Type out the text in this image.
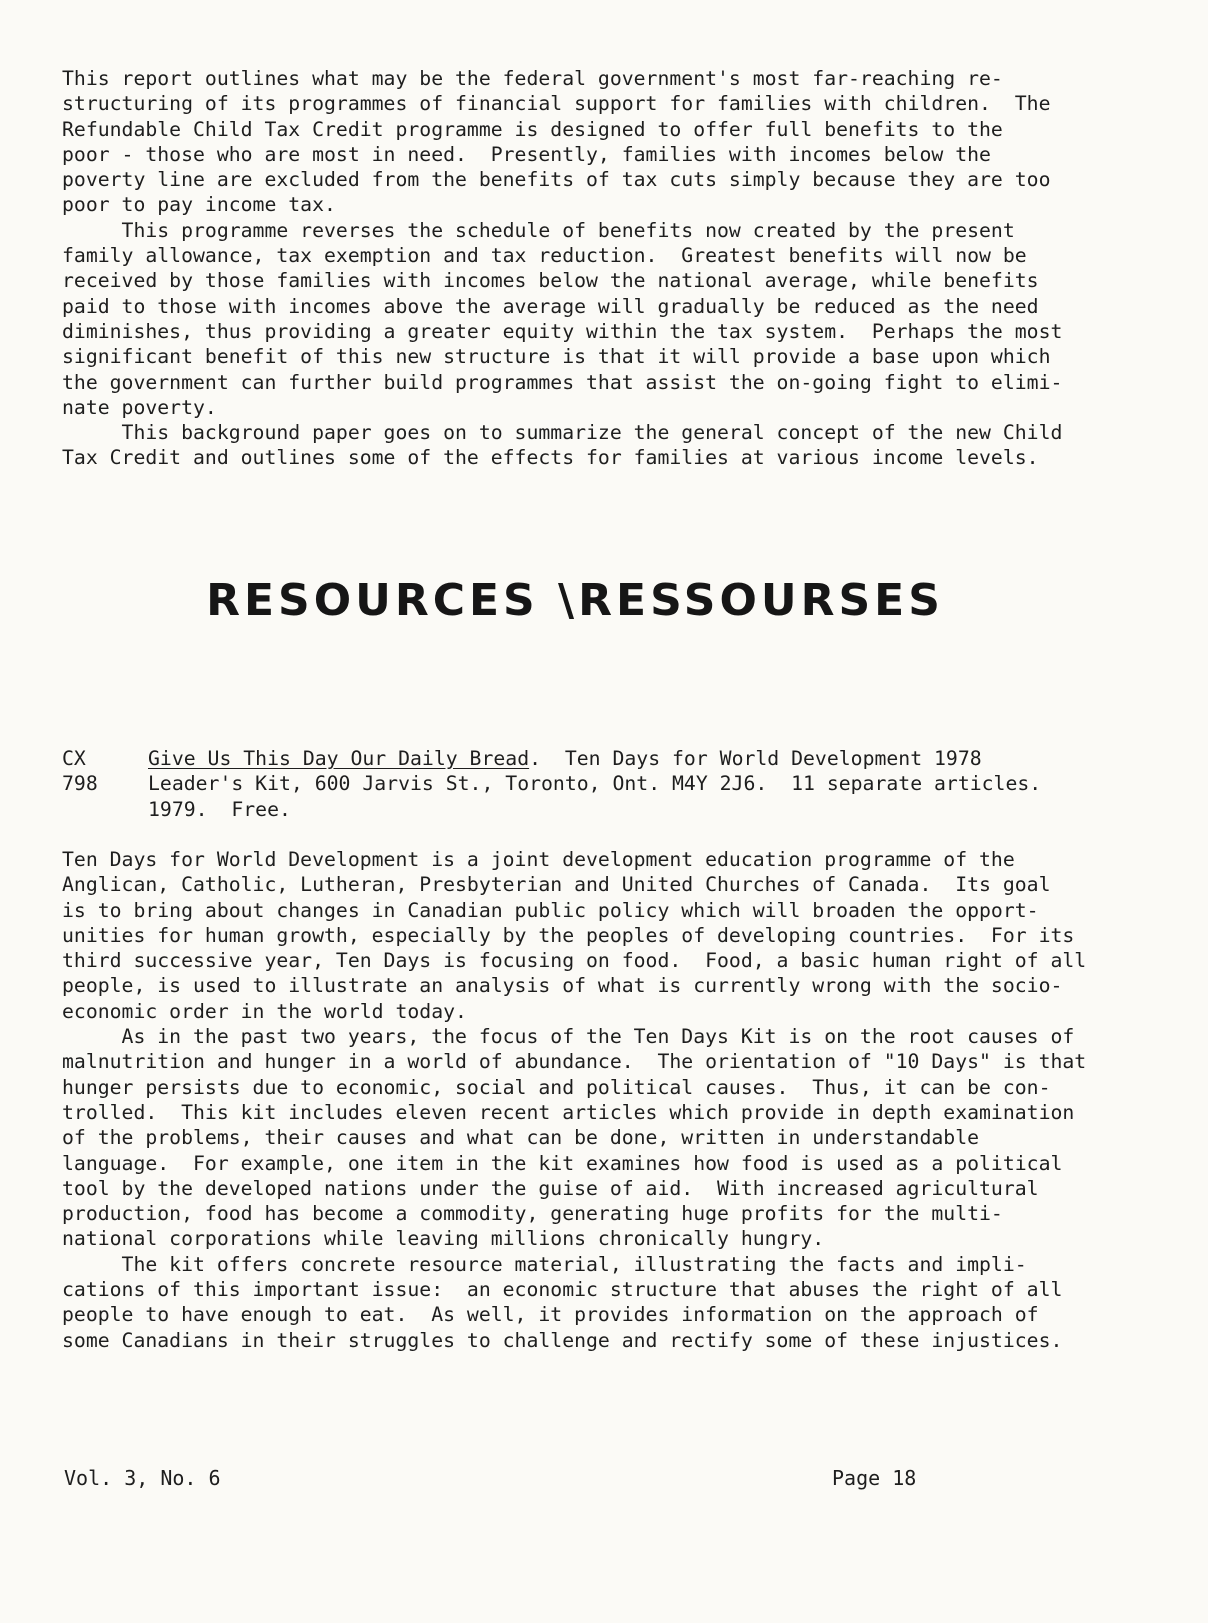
This report outlines what may be the federal government's most far-reaching re-
structuring of its programmes of financial support for families with children.  The
Refundable Child Tax Credit programme is designed to offer full benefits to the
poor - those who are most in need.  Presently, families with incomes below the
poverty line are excluded from the benefits of tax cuts simply because they are too
poor to pay income tax.
This programme reverses the schedule of benefits now created by the present
family allowance, tax exemption and tax reduction.  Greatest benefits will now be
received by those families with incomes below the national average, while benefits
paid to those with incomes above the average will gradually be reduced as the need
diminishes, thus providing a greater equity within the tax system.  Perhaps the most
significant benefit of this new structure is that it will provide a base upon which
the government can further build programmes that assist the on-going fight to elimi-
nate poverty.
This background paper goes on to summarize the general concept of the new Child
Tax Credit and outlines some of the effects for families at various income levels.
RESOURCES \RESSOURSES
CX
798
Give Us This Day Our Daily Bread.  Ten Days for World Development 1978
Leader's Kit, 600 Jarvis St., Toronto, Ont. M4Y 2J6.  11 separate articles.
1979.  Free.
Ten Days for World Development is a joint development education programme of the
Anglican, Catholic, Lutheran, Presbyterian and United Churches of Canada.  Its goal
is to bring about changes in Canadian public policy which will broaden the opport-
unities for human growth, especially by the peoples of developing countries.  For its
third successive year, Ten Days is focusing on food.  Food, a basic human right of all
people, is used to illustrate an analysis of what is currently wrong with the socio-
economic order in the world today.
As in the past two years, the focus of the Ten Days Kit is on the root causes of
malnutrition and hunger in a world of abundance.  The orientation of "10 Days" is that
hunger persists due to economic, social and political causes.  Thus, it can be con-
trolled.  This kit includes eleven recent articles which provide in depth examination
of the problems, their causes and what can be done, written in understandable
language.  For example, one item in the kit examines how food is used as a political
tool by the developed nations under the guise of aid.  With increased agricultural
production, food has become a commodity, generating huge profits for the multi-
national corporations while leaving millions chronically hungry.
The kit offers concrete resource material, illustrating the facts and impli-
cations of this important issue:  an economic structure that abuses the right of all
people to have enough to eat.  As well, it provides information on the approach of
some Canadians in their struggles to challenge and rectify some of these injustices.
Vol. 3, No. 6	Page 18
